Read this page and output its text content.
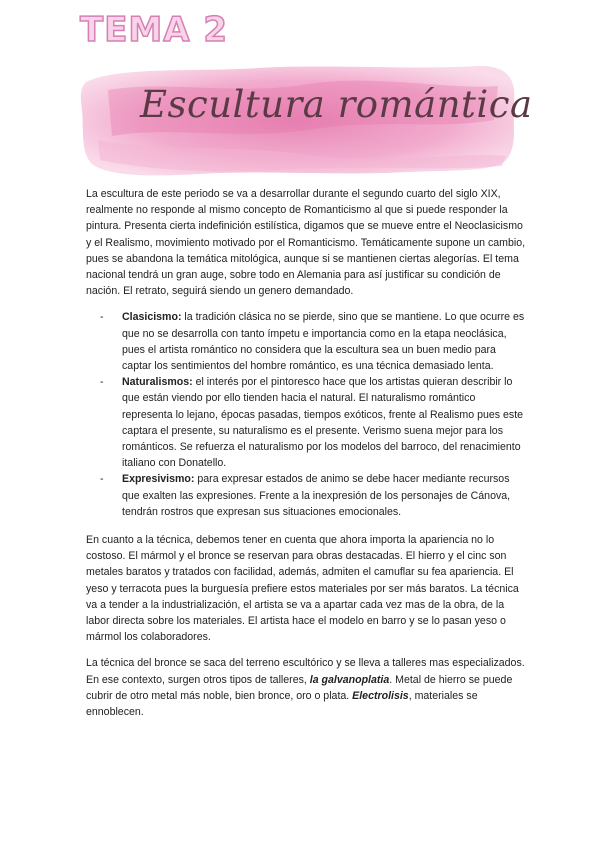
TEMA 2
Escultura romántica

La escultura de este periodo se va a desarrollar durante el segundo cuarto del siglo XIX, realmente no responde al mismo concepto de Romanticismo al que si puede responder la pintura. Presenta cierta indefinición estilística, digamos que se mueve entre el Neoclasicismo y el Realismo, movimiento motivado por el Romanticismo. Temáticamente supone un cambio, pues se abandona la temática mitológica, aunque si se mantienen ciertas alegorías. El tema nacional tendrá un gran auge, sobre todo en Alemania para así justificar su condición de nación. El retrato, seguirá siendo un genero demandado.

- Clasicismo: la tradición clásica no se pierde, sino que se mantiene. Lo que ocurre es que no se desarrolla con tanto ímpetu e importancia como en la etapa neoclásica, pues el artista romántico no considera que la escultura sea un buen medio para captar los sentimientos del hombre romántico, es una técnica demasiado lenta.
- Naturalismos: el interés por el pintoresco hace que los artistas quieran describir lo que están viendo por ello tienden hacia el natural. El naturalismo romántico representa lo lejano, épocas pasadas, tiempos exóticos, frente al Realismo pues este captara el presente, su naturalismo es el presente. Verismo suena mejor para los románticos. Se refuerza el naturalismo por los modelos del barroco, del renacimiento italiano con Donatello.
- Expresivismo: para expresar estados de animo se debe hacer mediante recursos que exalten las expresiones. Frente a la inexpresión de los personajes de Cánova, tendrán rostros que expresan sus situaciones emocionales.

En cuanto a la técnica, debemos tener en cuenta que ahora importa la apariencia no lo costoso. El mármol y el bronce se reservan para obras destacadas. El hierro y el cinc son metales baratos y tratados con facilidad, además, admiten el camuflar su fea apariencia. El yeso y terracota pues la burguesía prefiere estos materiales por ser más baratos. La técnica va a tender a la industrialización, el artista se va a apartar cada vez mas de la obra, de la labor directa sobre los materiales. El artista hace el modelo en barro y se lo pasan yeso o mármol los colaboradores.

La técnica del bronce se saca del terreno escultórico y se lleva a talleres mas especializados. En ese contexto, surgen otros tipos de talleres, la galvanoplatia. Metal de hierro se puede cubrir de otro metal más noble, bien bronce, oro o plata. Electrolisis, materiales se ennoblecen.
